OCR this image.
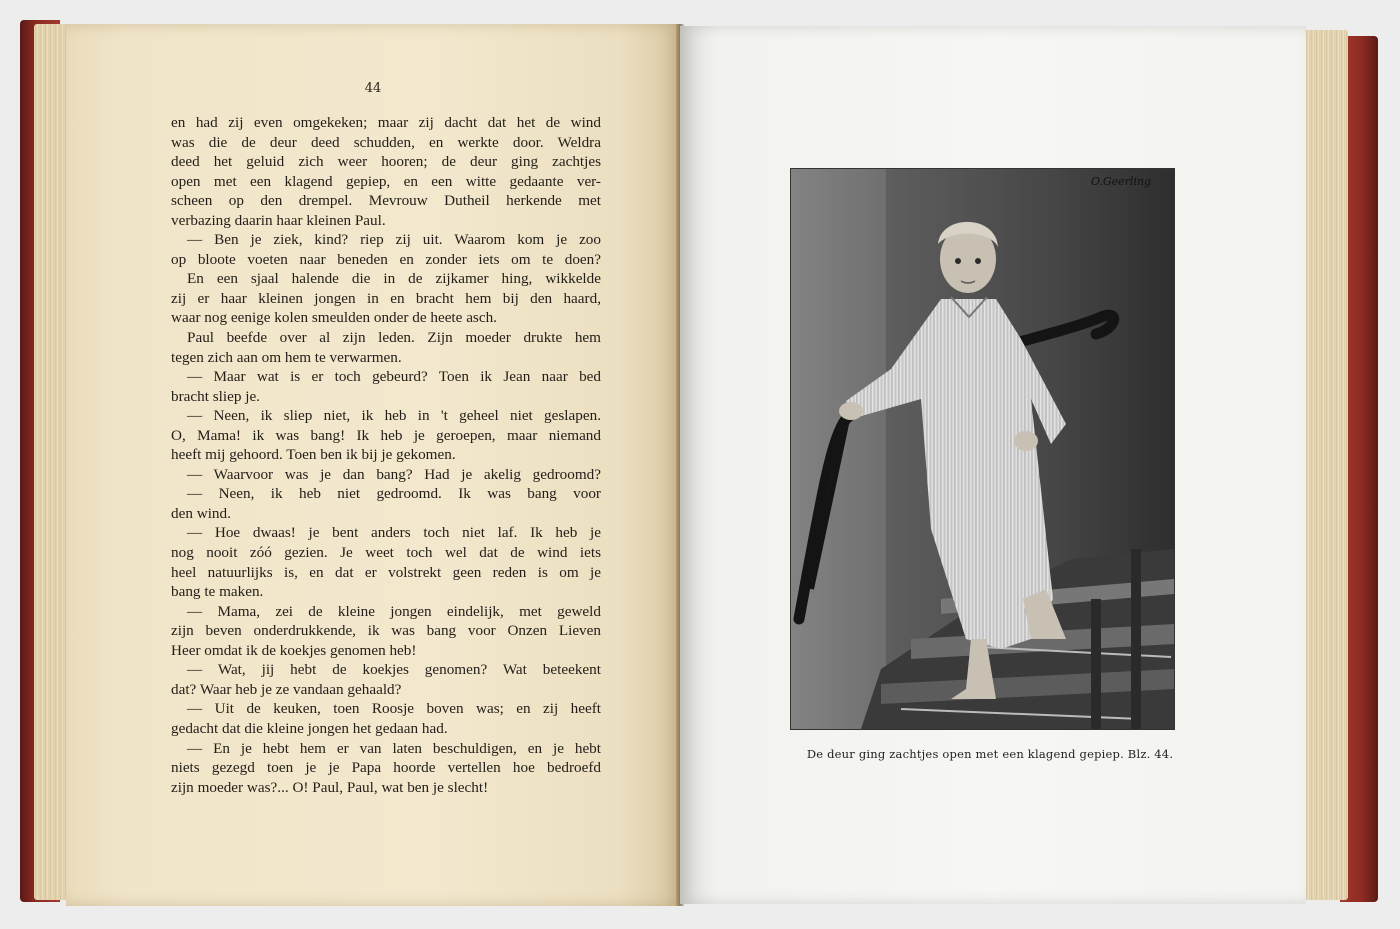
44
en had zij even omgekeken; maar zij dacht dat het de wind
was die de deur deed schudden, en werkte door. Weldra
deed het geluid zich weer hooren; de deur ging zachtjes
open met een klagend gepiep, en een witte gedaante ver-
scheen op den drempel. Mevrouw Dutheil herkende met
verbazing daarin haar kleinen Paul.
— Ben je ziek, kind? riep zij uit. Waarom kom je zoo
op bloote voeten naar beneden en zonder iets om te doen?
En een sjaal halende die in de zijkamer hing, wikkelde
zij er haar kleinen jongen in en bracht hem bij den haard,
waar nog eenige kolen smeulden onder de heete asch.
Paul beefde over al zijn leden. Zijn moeder drukte hem
tegen zich aan om hem te verwarmen.
— Maar wat is er toch gebeurd? Toen ik Jean naar bed
bracht sliep je.
— Neen, ik sliep niet, ik heb in 't geheel niet geslapen.
O, Mama! ik was bang! Ik heb je geroepen, maar niemand
heeft mij gehoord. Toen ben ik bij je gekomen.
— Waarvoor was je dan bang? Had je akelig gedroomd?
— Neen, ik heb niet gedroomd. Ik was bang voor
den wind.
— Hoe dwaas! je bent anders toch niet laf. Ik heb je
nog nooit zóó gezien. Je weet toch wel dat de wind iets
heel natuurlijks is, en dat er volstrekt geen reden is om je
bang te maken.
— Mama, zei de kleine jongen eindelijk, met geweld
zijn beven onderdrukkende, ik was bang voor Onzen Lieven
Heer omdat ik de koekjes genomen heb!
— Wat, jij hebt de koekjes genomen? Wat beteekent
dat? Waar heb je ze vandaan gehaald?
— Uit de keuken, toen Roosje boven was; en zij heeft
gedacht dat die kleine jongen het gedaan had.
— En je hebt hem er van laten beschuldigen, en je hebt
niets gezegd toen je je Papa hoorde vertellen hoe bedroefd
zijn moeder was?... O! Paul, Paul, wat ben je slecht!
O.Geerling
De deur ging zachtjes open met een klagend gepiep. Blz. 44.
